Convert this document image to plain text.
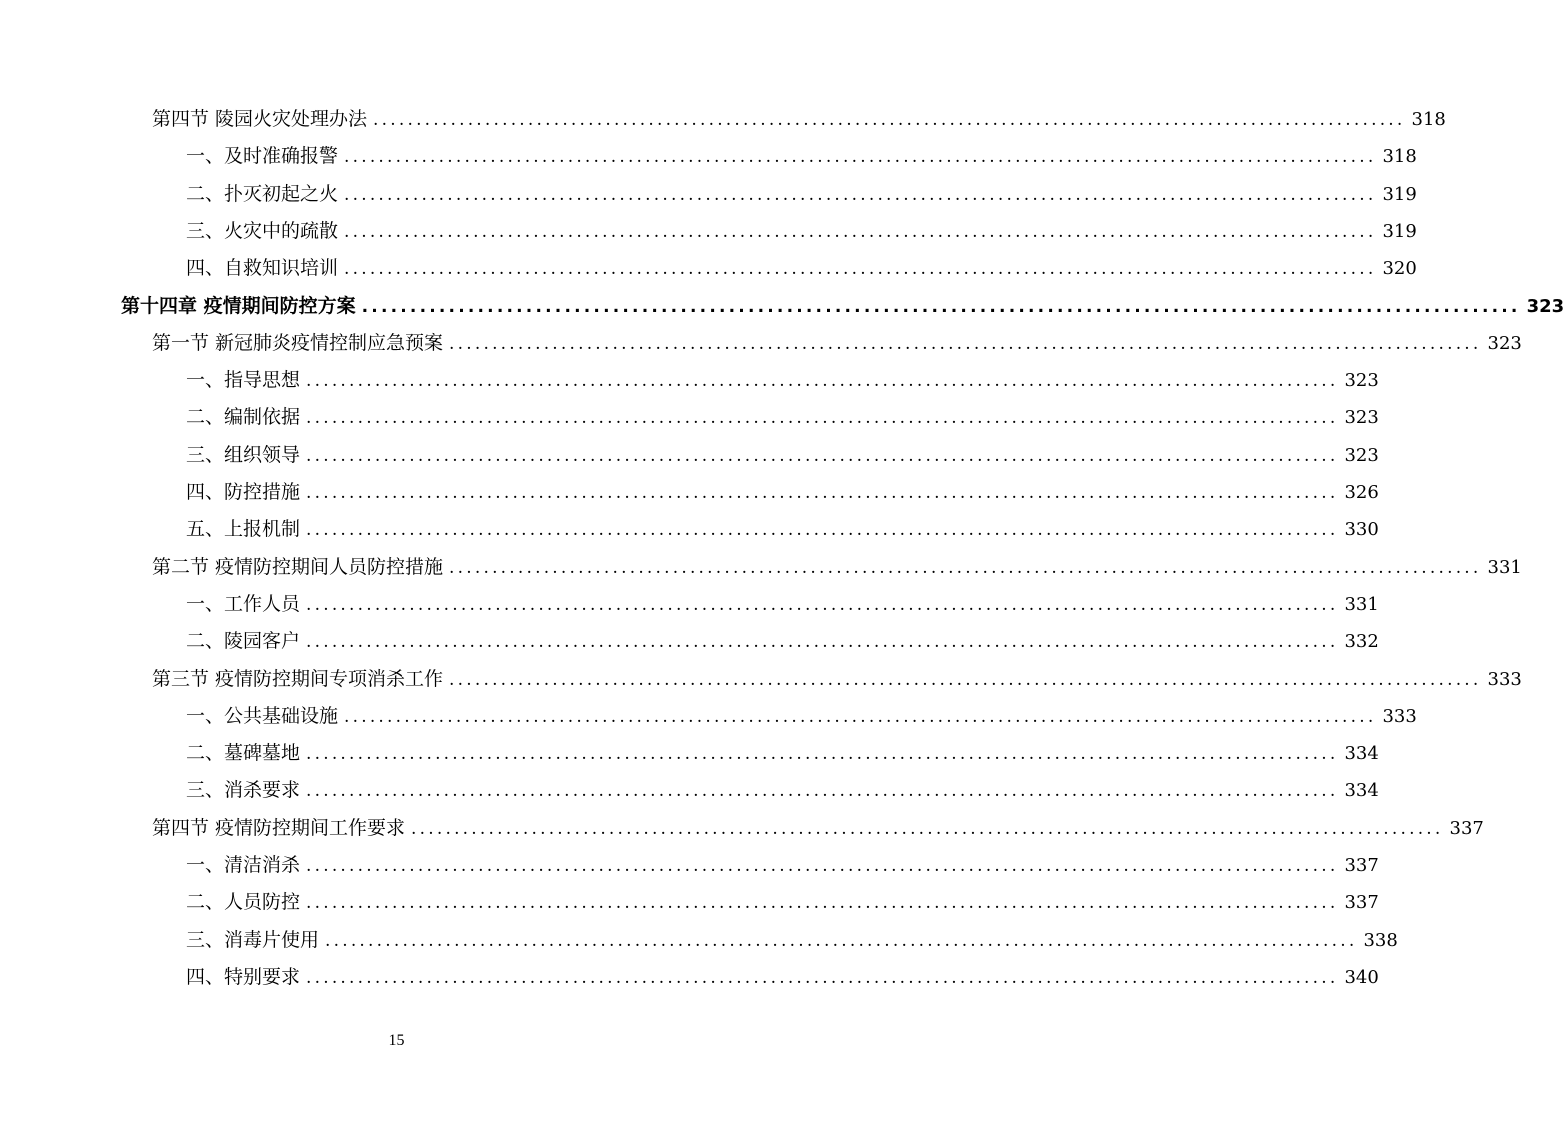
第四节 陵园火灾处理办法 ........................................................................................................................ 318
一、及时准确报警 ........................................................................................................................ 318
二、扑灭初起之火 ........................................................................................................................ 319
三、火灾中的疏散 ........................................................................................................................ 319
四、自救知识培训 ........................................................................................................................ 320
第十四章 疫情期间防控方案 ........................................................................................................................ 323
第一节 新冠肺炎疫情控制应急预案 ........................................................................................................................ 323
一、指导思想 ........................................................................................................................ 323
二、编制依据 ........................................................................................................................ 323
三、组织领导 ........................................................................................................................ 323
四、防控措施 ........................................................................................................................ 326
五、上报机制 ........................................................................................................................ 330
第二节 疫情防控期间人员防控措施 ........................................................................................................................ 331
一、工作人员 ........................................................................................................................ 331
二、陵园客户 ........................................................................................................................ 332
第三节 疫情防控期间专项消杀工作 ........................................................................................................................ 333
一、公共基础设施 ........................................................................................................................ 333
二、墓碑墓地 ........................................................................................................................ 334
三、消杀要求 ........................................................................................................................ 334
第四节 疫情防控期间工作要求 ........................................................................................................................ 337
一、清洁消杀 ........................................................................................................................ 337
二、人员防控 ........................................................................................................................ 337
三、消毒片使用 ........................................................................................................................ 338
四、特别要求 ........................................................................................................................ 340
15
